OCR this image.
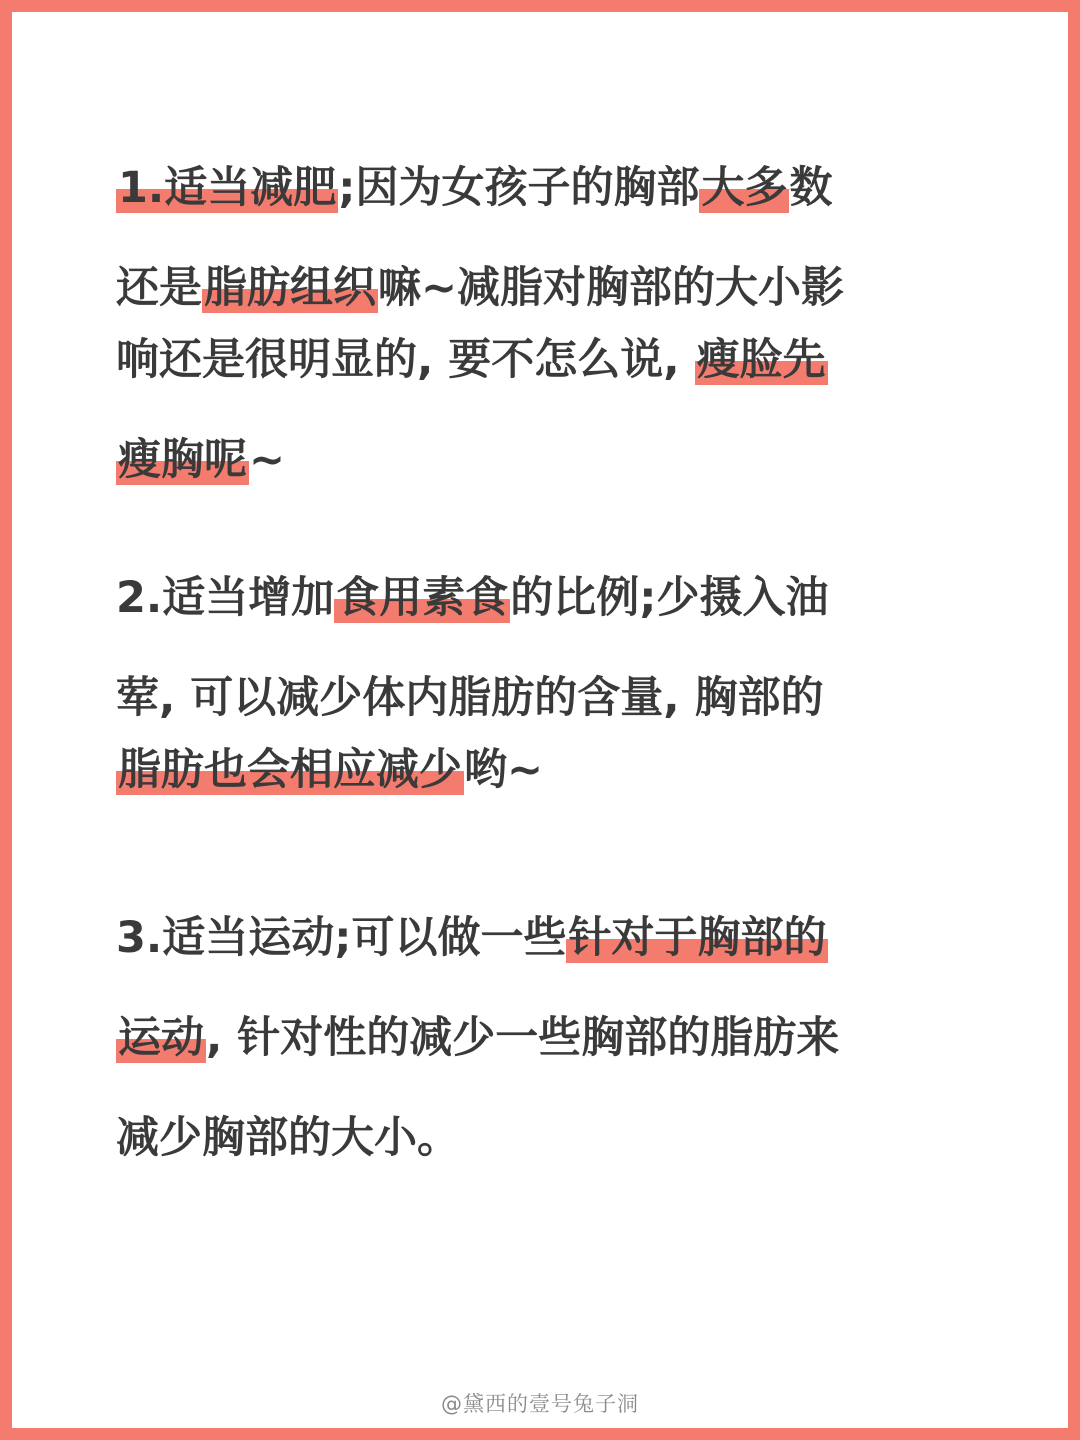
1.适当减肥;因为女孩子的胸部大多数
还是脂肪组织嘛~减脂对胸部的大小影
响还是很明显的, 要不怎么说, 瘦脸先
瘦胸呢~
2.适当增加食用素食的比例;少摄入油
荤, 可以减少体内脂肪的含量, 胸部的
脂肪也会相应减少哟~
3.适当运动;可以做一些针对于胸部的
运动, 针对性的减少一些胸部的脂肪来
减少胸部的大小。
@黛西的壹号兔子洞
